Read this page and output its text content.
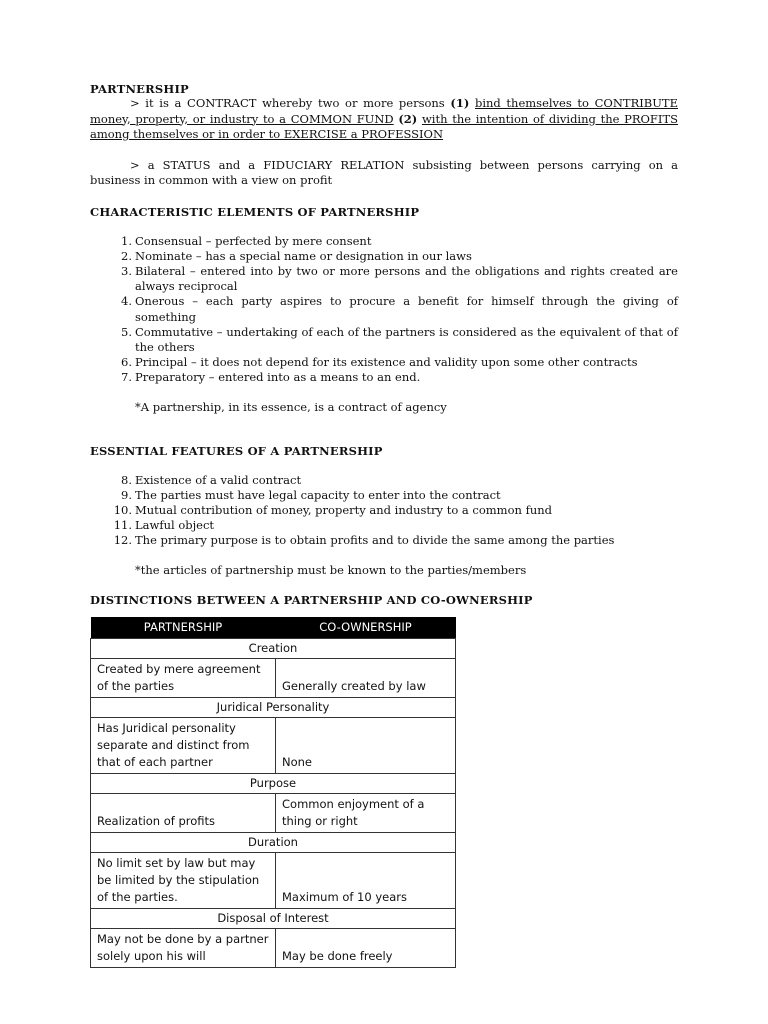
PARTNERSHIP

> it is a CONTRACT whereby two or more persons (1) bind themselves to CONTRIBUTE money, property, or industry to a COMMON FUND (2) with the intention of dividing the PROFITS among themselves or in order to EXERCISE a PROFESSION

> a STATUS and a FIDUCIARY RELATION subsisting between persons carrying on a business in common with a view on profit

CHARACTERISTIC ELEMENTS OF PARTNERSHIP

1. Consensual – perfected by mere consent
2. Nominate – has a special name or designation in our laws
3. Bilateral – entered into by two or more persons and the obligations and rights created are always reciprocal
4. Onerous – each party aspires to procure a benefit for himself through the giving of something
5. Commutative – undertaking of each of the partners is considered as the equivalent of that of the others
6. Principal – it does not depend for its existence and validity upon some other contracts
7. Preparatory – entered into as a means to an end.

*A partnership, in its essence, is a contract of agency

ESSENTIAL FEATURES OF A PARTNERSHIP

8. Existence of a valid contract
9. The parties must have legal capacity to enter into the contract
10. Mutual contribution of money, property and industry to a common fund
11. Lawful object
12. The primary purpose is to obtain profits and to divide the same among the parties

*the articles of partnership must be known to the parties/members

DISTINCTIONS BETWEEN A PARTNERSHIP AND CO-OWNERSHIP

PARTNERSHIP	CO-OWNERSHIP
Creation	
Created by mere agreement of the parties	Generally created by law
Juridical Personality	
Has Juridical personality separate and distinct from that of each partner	None
Purpose	
Realization of profits	Common enjoyment of a thing or right
Duration	
No limit set by law but may be limited by the stipulation of the parties.	Maximum of 10 years
Disposal of Interest	
May not be done by a partner solely upon his will	May be done freely
